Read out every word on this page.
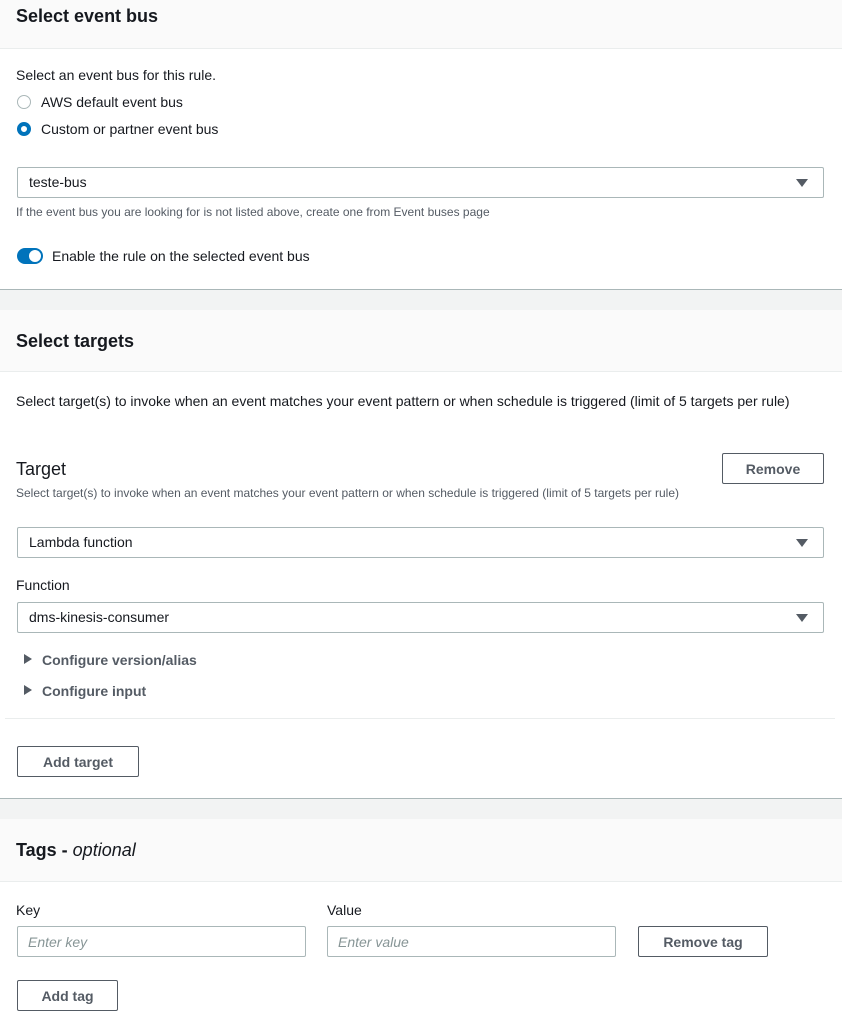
Select event bus
Select an event bus for this rule.
AWS default event bus
Custom or partner event bus
teste-bus
If the event bus you are looking for is not listed above, create one from Event buses page
Enable the rule on the selected event bus
Select targets
Select target(s) to invoke when an event matches your event pattern or when schedule is triggered (limit of 5 targets per rule)
Target	Remove
Select target(s) to invoke when an event matches your event pattern or when schedule is triggered (limit of 5 targets per rule)
Lambda function
Function
dms-kinesis-consumer
Configure version/alias
Configure input
Add target
Tags - optional
Key	Value
Enter key
Enter value
Remove tag
Add tag
